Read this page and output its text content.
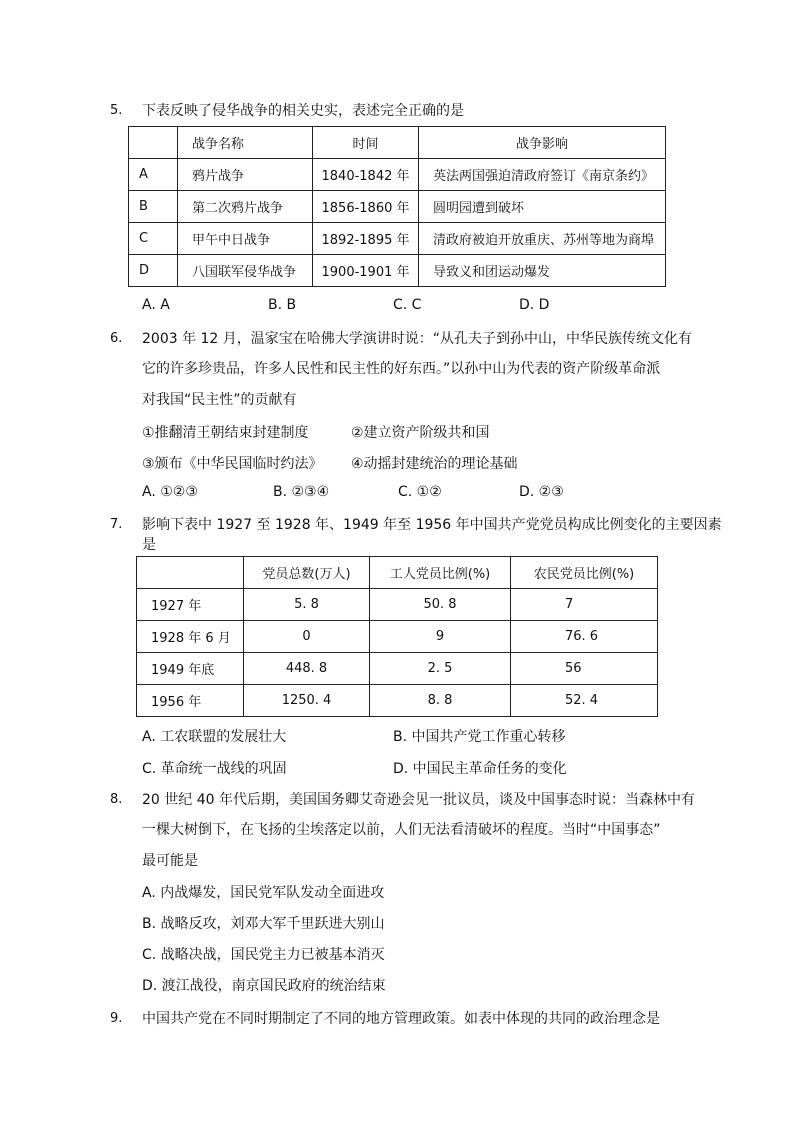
5. 下表反映了侵华战争的相关史实，表述完全正确的是
	战争名称	时间	战争影响
A	鸦片战争	1840-1842 年	英法两国强迫清政府签订《南京条约》
B	第二次鸦片战争	1856-1860 年	圆明园遭到破坏
C	甲午中日战争	1892-1895 年	清政府被迫开放重庆、苏州等地为商埠
D	八国联军侵华战争	1900-1901 年	导致义和团运动爆发
A. A	B. B	C. C	D. D
6. 2003 年 12 月，温家宝在哈佛大学演讲时说：“从孔夫子到孙中山，中华民族传统文化有
它的许多珍贵品，许多人民性和民主性的好东西。”以孙中山为代表的资产阶级革命派
对我国“民主性”的贡献有
①推翻清王朝结束封建制度	②建立资产阶级共和国
③颁布《中华民国临时约法》 ④动摇封建统治的理论基础
A. ①②③	B. ②③④	C. ①②	D. ②③
7. 影响下表中 1927 至 1928 年、1949 年至 1956 年中国共产党党员构成比例变化的主要因素
是
	党员总数(万人)	工人党员比例(%)	农民党员比例(%)
1927 年	5. 8	50. 8	7
1928 年 6 月	0	9	76. 6
1949 年底	448. 8	2. 5	56
1956 年	1250. 4	8. 8	52. 4
A. 工农联盟的发展壮大	B. 中国共产党工作重心转移
C. 革命统一战线的巩固	D. 中国民主革命任务的变化
8. 20 世纪 40 年代后期，美国国务卿艾奇逊会见一批议员，谈及中国事态时说：当森林中有
一棵大树倒下，在飞扬的尘埃落定以前，人们无法看清破坏的程度。当时“中国事态”
最可能是
A. 内战爆发，国民党军队发动全面进攻
B. 战略反攻，刘邓大军千里跃进大别山
C. 战略决战，国民党主力已被基本消灭
D. 渡江战役，南京国民政府的统治结束
9. 中国共产党在不同时期制定了不同的地方管理政策。如表中体现的共同的政治理念是
